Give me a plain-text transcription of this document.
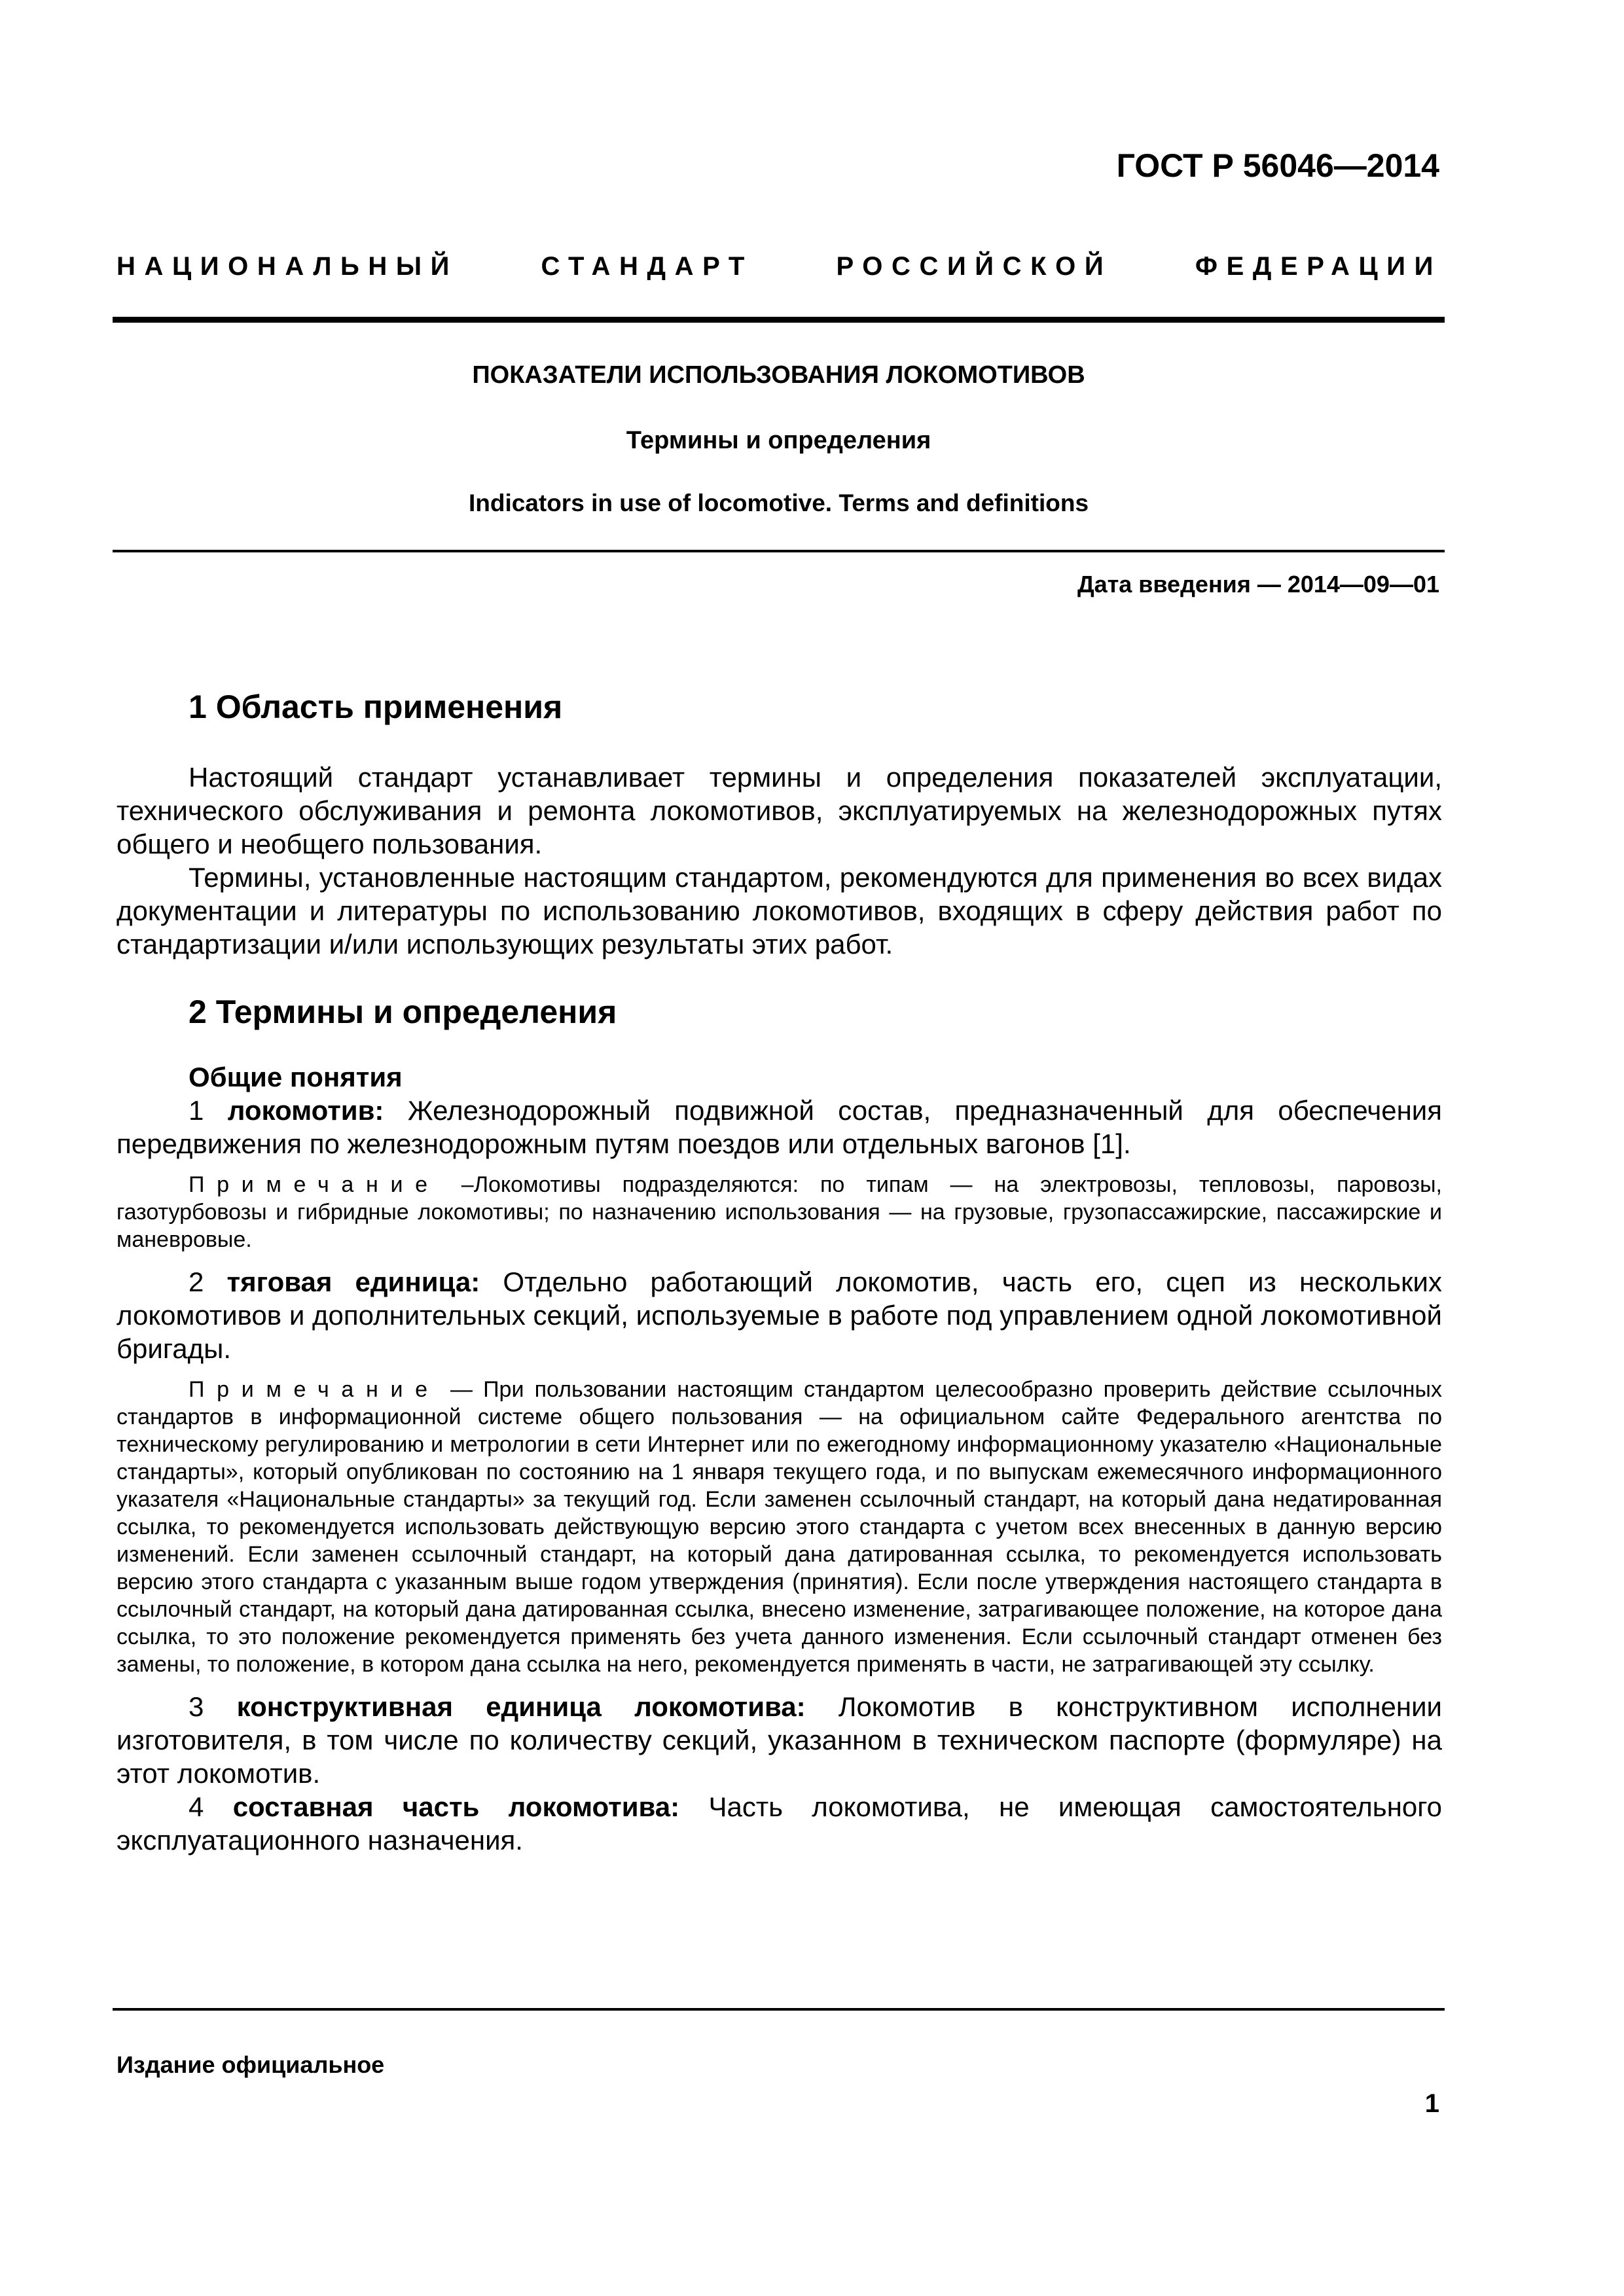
ГОСТ Р 56046—2014
НАЦИОНАЛЬНЫЙ СТАНДАРТ РОССИЙСКОЙ ФЕДЕРАЦИИ
ПОКАЗАТЕЛИ ИСПОЛЬЗОВАНИЯ ЛОКОМОТИВОВ
Термины и определения
Indicators in use of locomotive. Terms and definitions
Дата введения — 2014—09—01
1 Область применения

Настоящий стандарт устанавливает термины и определения показателей эксплуатации, технического обслуживания и ремонта локомотивов, эксплуатируемых на железнодорожных путях общего и необщего пользования.

Термины, установленные настоящим стандартом, рекомендуются для применения во всех видах документации и литературы по использованию локомотивов, входящих в сферу действия работ по стандартизации и/или использующих результаты этих работ.

2 Термины и определения
Общие понятия

1 локомотив: Железнодорожный подвижной состав, предназначенный для обеспечения передвижения по железнодорожным путям поездов или отдельных вагонов [1].

Примечание –Локомотивы подразделяются: по типам — на электровозы, тепловозы, паровозы, газотурбовозы и гибридные локомотивы; по назначению использования — на грузовые, грузопассажирские, пассажирские и маневровые.

2 тяговая единица: Отдельно работающий локомотив, часть его, сцеп из нескольких локомотивов и дополнительных секций, используемые в работе под управлением одной локомотивной бригады.

Примечание — При пользовании настоящим стандартом целесообразно проверить действие ссылочных стандартов в информационной системе общего пользования — на официальном сайте Федерального агентства по техническому регулированию и метрологии в сети Интернет или по ежегодному информационному указателю «Национальные стандарты», который опубликован по состоянию на 1 января текущего года, и по выпускам ежемесячного информационного указателя «Национальные стандарты» за текущий год. Если заменен ссылочный стандарт, на который дана недатированная ссылка, то рекомендуется использовать действующую версию этого стандарта с учетом всех внесенных в данную версию изменений. Если заменен ссылочный стандарт, на который дана датированная ссылка, то рекомендуется использовать версию этого стандарта с указанным выше годом утверждения (принятия). Если после утверждения настоящего стандарта в ссылочный стандарт, на который дана датированная ссылка, внесено изменение, затрагивающее положение, на которое дана ссылка, то это положение рекомендуется применять без учета данного изменения. Если ссылочный стандарт отменен без замены, то положение, в котором дана ссылка на него, рекомендуется применять в части, не затрагивающей эту ссылку.

3 конструктивная единица локомотива: Локомотив в конструктивном исполнении изготовителя, в том числе по количеству секций, указанном в техническом паспорте (формуляре) на этот локомотив.

4 составная часть локомотива: Часть локомотива, не имеющая самостоятельного эксплуатационного назначения.

Издание официальное
1
